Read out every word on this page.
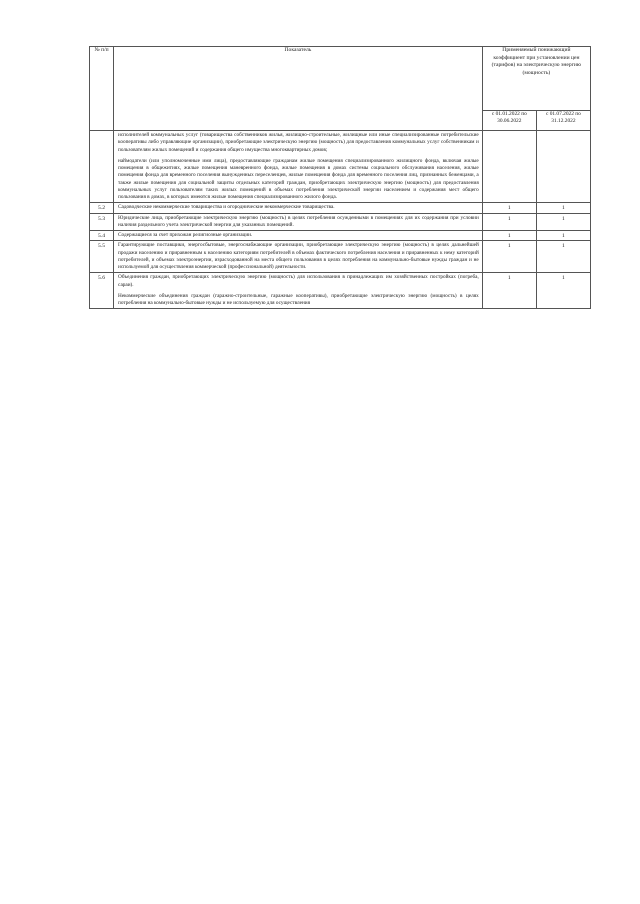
№ п/п	Показатель	Применяемый понижающий коэффициент при установлении цен (тарифов) на электрическую энергию (мощность)	
		с 01.01.2022 по 30.06.2022	с 01.07.2022 по 31.12.2022

	исполнителей коммунальных услуг (товарищества собственников жилья, жилищно-строительные, жилищные или иные специализированные потребительские кооперативы либо управляющие организации), приобретающие электрическую энергию (мощность) для предоставления коммунальных услуг собственникам и пользователям жилых помещений и содержания общего имущества многоквартирных домов;

наймодатели (или уполномоченные ими лица), предоставляющие гражданам жилые помещения специализированного жилищного фонда, включая жилые помещения в общежитиях, жилые помещения маневренного фонда, жилые помещения в домах системы социального обслуживания населения, жилые помещения фонда для временного поселения вынужденных переселенцев, жилые помещения фонда для временного поселения лиц, признанных беженцами, а также жилые помещения для социальной защиты отдельных категорий граждан, приобретающих электрическую энергию (мощность) для предоставления коммунальных услуг пользователям таких жилых помещений в объемах потребления электрической энергии населением и содержания мест общего пользования в домах, в которых имеются жилые помещения специализированного жилого фонда.		

5.2	Садоводческие некоммерческие товарищества и огороднические некоммерческие товарищества.	1	1
5.3	Юридические лица, приобретающие электрическую энергию (мощность) в целях потребления осужденными в помещениях для их содержания при условии наличия раздельного учета электрической энергии для указанных помещений.	1	1
5.4	Содержащиеся за счет прихожан религиозные организации.	1	1
5.5	Гарантирующие поставщики, энергосбытовые, энергоснабжающие организации, приобретающие электрическую энергию (мощность) в целях дальнейшей продажи населению и приравненным к населению категориям потребителей в объемах фактического потребления населения и приравненных к нему категорий потребителей, и объемах электроэнергии, израсходованной на места общего пользования в целях потребления на коммунально-бытовые нужды граждан и не используемой для осуществления коммерческой (профессиональной) деятельности.	1	1
5.6	Объединения граждан, приобретающих электрическую энергию (мощность) для использования в принадлежащих им хозяйственных постройках (погреба, сараи).

Некоммерческие объединения граждан (гаражно-строительные, гаражные кооперативы), приобретающие электрическую энергию (мощность) в целях потребления на коммунально-бытовые нужды и не используемую для осуществления	1	1
